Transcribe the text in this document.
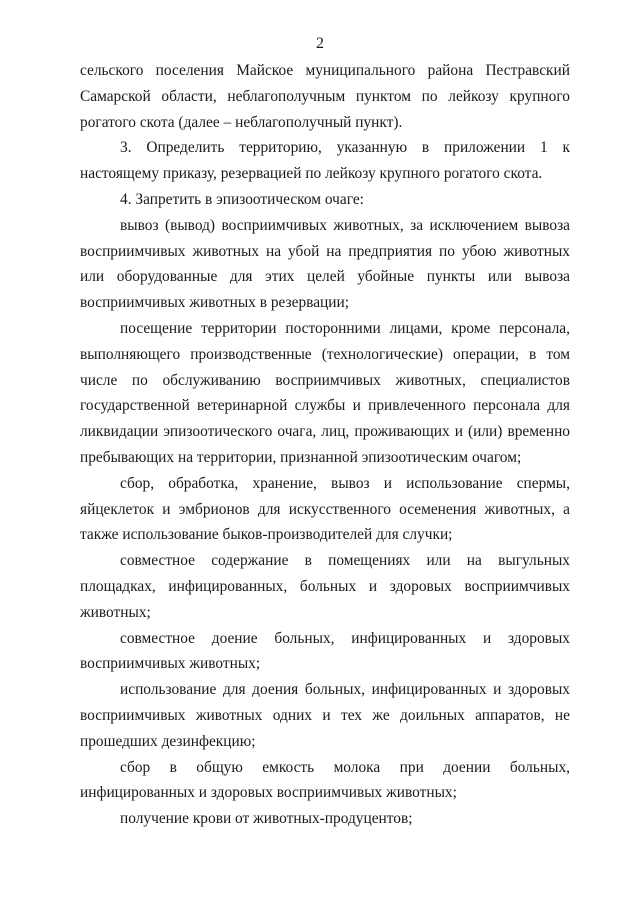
2

сельского поселения Майское муниципального района Пестравский Самарской области, неблагополучным пунктом по лейкозу крупного рогатого скота (далее – неблагополучный пункт).

3. Определить территорию, указанную в приложении 1 к настоящему приказу, резервацией по лейкозу крупного рогатого скота.

4. Запретить в эпизоотическом очаге:

вывоз (вывод) восприимчивых животных, за исключением вывоза восприимчивых животных на убой на предприятия по убою животных или оборудованные для этих целей убойные пункты или вывоза восприимчивых животных в резервации;

посещение территории посторонними лицами, кроме персонала, выполняющего производственные (технологические) операции, в том числе по обслуживанию восприимчивых животных, специалистов государственной ветеринарной службы и привлеченного персонала для ликвидации эпизоотического очага, лиц, проживающих и (или) временно пребывающих на территории, признанной эпизоотическим очагом;

сбор, обработка, хранение, вывоз и использование спермы, яйцеклеток и эмбрионов для искусственного осеменения животных, а также использование быков-производителей для случки;

совместное содержание в помещениях или на выгульных площадках, инфицированных, больных и здоровых восприимчивых животных;

совместное доение больных, инфицированных и здоровых восприимчивых животных;

использование для доения больных, инфицированных и здоровых восприимчивых животных одних и тех же доильных аппаратов, не прошедших дезинфекцию;

сбор в общую емкость молока при доении больных, инфицированных и здоровых восприимчивых животных;

получение крови от животных-продуцентов;
